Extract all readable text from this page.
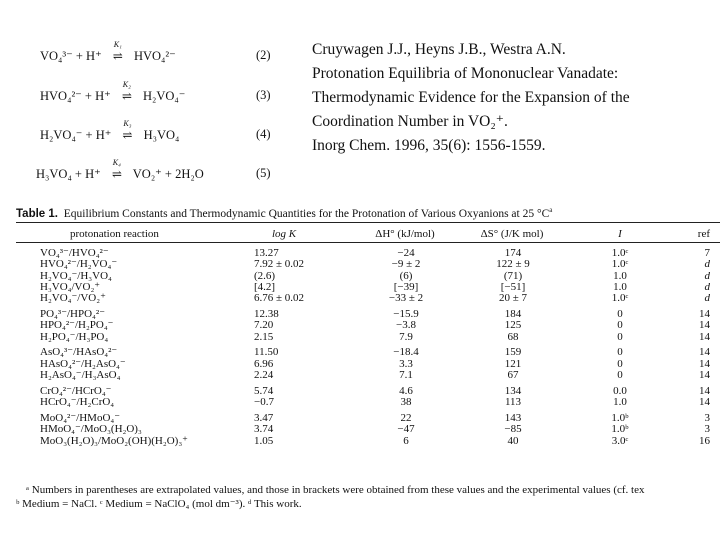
VO₄³⁻ + H⁺
K₁
⇌ HVO₄²⁻	(2)
HVO₄²⁻ + H⁺
K₂
⇌ H₂VO₄⁻	(3)
H₂VO₄⁻ + H⁺
K₃
⇌ H₃VO₄	(4)
H₃VO₄ + H⁺
K₄
⇌ VO₂⁺ + 2H₂O	(5)
Cruywagen J.J., Heyns J.B., Westra A.N.
Protonation Equilibria of Mononuclear Vanadate:
Thermodynamic Evidence for the Expansion of the
Coordination Number in VO₂⁺.
Inorg Chem. 1996, 35(6): 1556-1559.
Table 1. Equilibrium Constants and Thermodynamic Quantities for the Protonation of Various Oxyanions at 25 $^\circ C^a$
protonation reaction	log K	ΔH° (kJ/mol)	ΔS° (J/K mol)	I	ref
VO₄³⁻/HVO₄²⁻	13.27	−24	174	1.0ᶜ	7
HVO₄²⁻/H₂VO₄⁻	7.92 ± 0.02	−9 ± 2	122 ± 9	1.0ᶜ	d
H₂VO₄⁻/H₃VO₄	(2.6)	(6)	(71)	1.0	d
H₃VO₄/VO₂⁺	[4.2]	[−39]	[−51]	1.0	d
H₂VO₄⁻/VO₂⁺	6.76 ± 0.02	−33 ± 2	20 ± 7	1.0ᶜ	d
PO₄³⁻/HPO₄²⁻	12.38	−15.9	184	0	14
HPO₄²⁻/H₂PO₄⁻	7.20	−3.8	125	0	14
H₂PO₄⁻/H₃PO₄	2.15	7.9	68	0	14
AsO₄³⁻/HAsO₄²⁻	11.50	−18.4	159	0	14
HAsO₄²⁻/H₂AsO₄⁻	6.96	3.3	121	0	14
H₂AsO₄⁻/H₃AsO₄	2.24	7.1	67	0	14
CrO₄²⁻/HCrO₄⁻	5.74	4.6	134	0.0	14
HCrO₄⁻/H₂CrO₄	−0.7	38	113	1.0	14
MoO₄²⁻/HMoO₄⁻	3.47	22	143	1.0ᵇ	3
HMoO₄⁻/MoO₃(H₂O)₃	3.74	−47	−85	1.0ᵇ	3
MoO₃(H₂O)₃/MoO₂(OH)(H₂O)₃⁺	1.05	6	40	3.0ᶜ	16
ᵃ Numbers in parentheses are extrapolated values, and those in brackets were obtained from these values and the experimental values (cf. tex
ᵇ Medium = NaCl. ᶜ Medium = NaClO₄ (mol dm⁻³). ᵈ This work.
